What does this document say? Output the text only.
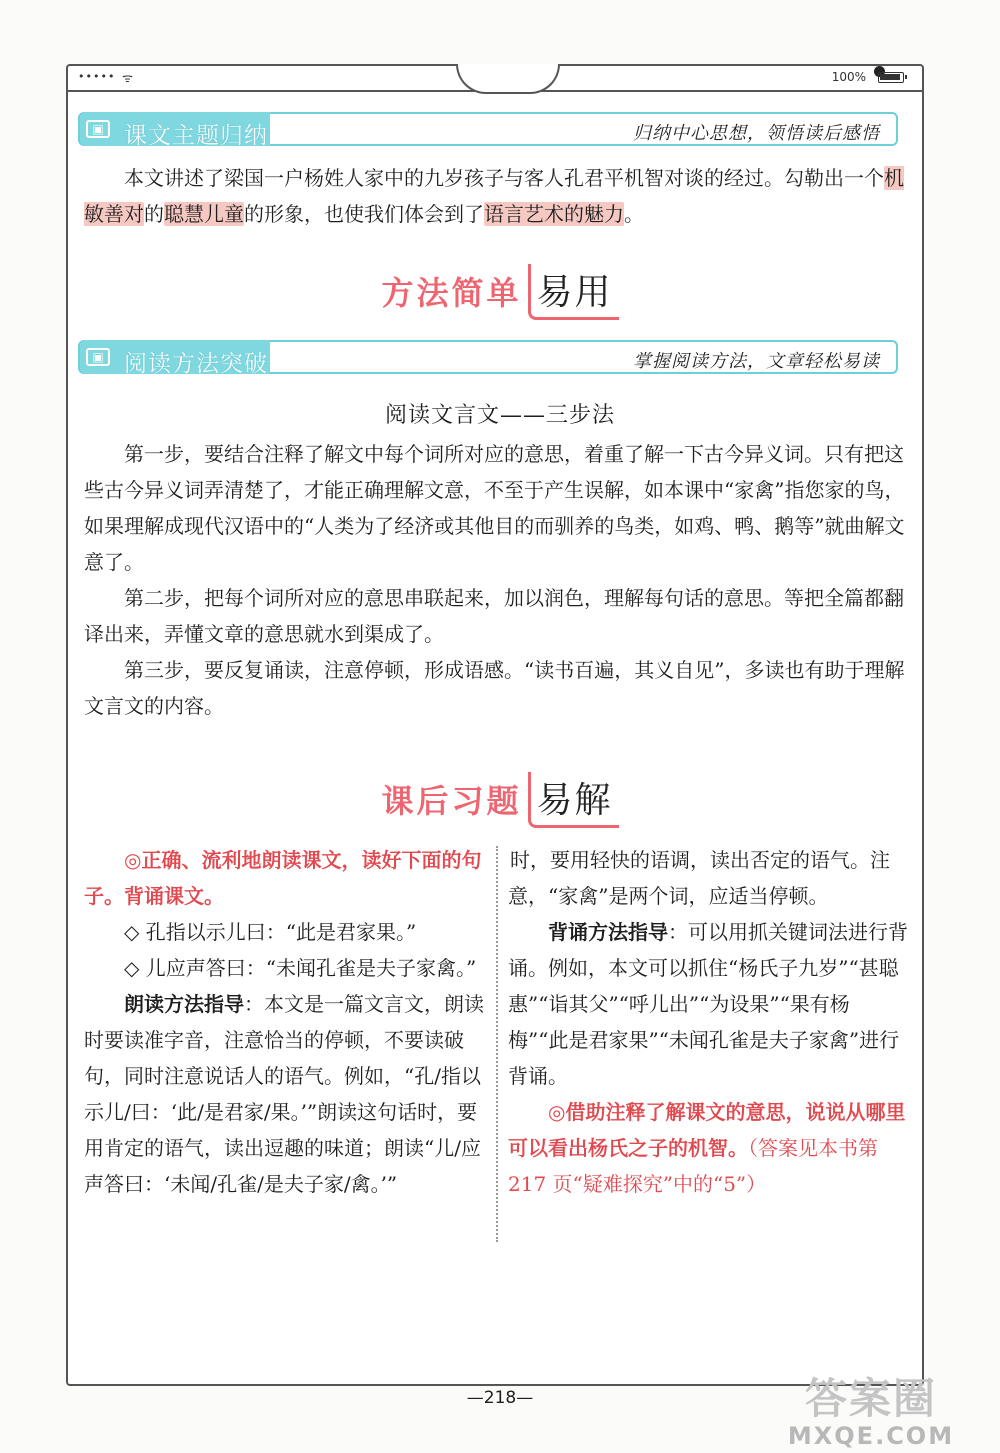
••••• ᯤ	100%
▣ 课文主题归纳	归纳中心思想，领悟读后感悟

本文讲述了梁国一户杨姓人家中的九岁孩子与客人孔君平机智对谈的经过。勾勒出一个机敏善对的聪慧儿童的形象，也使我们体会到了语言艺术的魅力。

方法简单 易用
▣ 阅读方法突破	掌握阅读方法，文章轻松易读
阅读文言文——三步法

第一步，要结合注释了解文中每个词所对应的意思，着重了解一下古今异义词。只有把这些古今异义词弄清楚了，才能正确理解文意，不至于产生误解，如本课中“家禽”指您家的鸟，如果理解成现代汉语中的“人类为了经济或其他目的而驯养的鸟类，如鸡、鸭、鹅等”就曲解文意了。

第二步，把每个词所对应的意思串联起来，加以润色，理解每句话的意思。等把全篇都翻译出来，弄懂文章的意思就水到渠成了。

第三步，要反复诵读，注意停顿，形成语感。“读书百遍，其义自见”，多读也有助于理解文言文的内容。

课后习题 易解

◎正确、流利地朗读课文，读好下面的句子。背诵课文。

◇ 孔指以示儿曰：“此是君家果。”

◇ 儿应声答曰：“未闻孔雀是夫子家禽。”

朗读方法指导：本文是一篇文言文，朗读时要读准字音，注意恰当的停顿，不要读破句，同时注意说话人的语气。例如，“孔/指以示儿/曰：‘此/是君家/果。’”朗读这句话时，要用肯定的语气，读出逗趣的味道；朗读“儿/应声答曰：‘未闻/孔雀/是夫子家/禽。’”

时，要用轻快的语调，读出否定的语气。注意，“家禽”是两个词，应适当停顿。

背诵方法指导：可以用抓关键词法进行背诵。例如，本文可以抓住“杨氏子九岁”“甚聪惠”“诣其父”“呼儿出”“为设果”“果有杨梅”“此是君家果”“未闻孔雀是夫子家禽”进行背诵。

◎借助注释了解课文的意思，说说从哪里可以看出杨氏之子的机智。（答案见本书第 217 页“疑难探究”中的“5”）

—218—	答案圈
MXQE.COM
